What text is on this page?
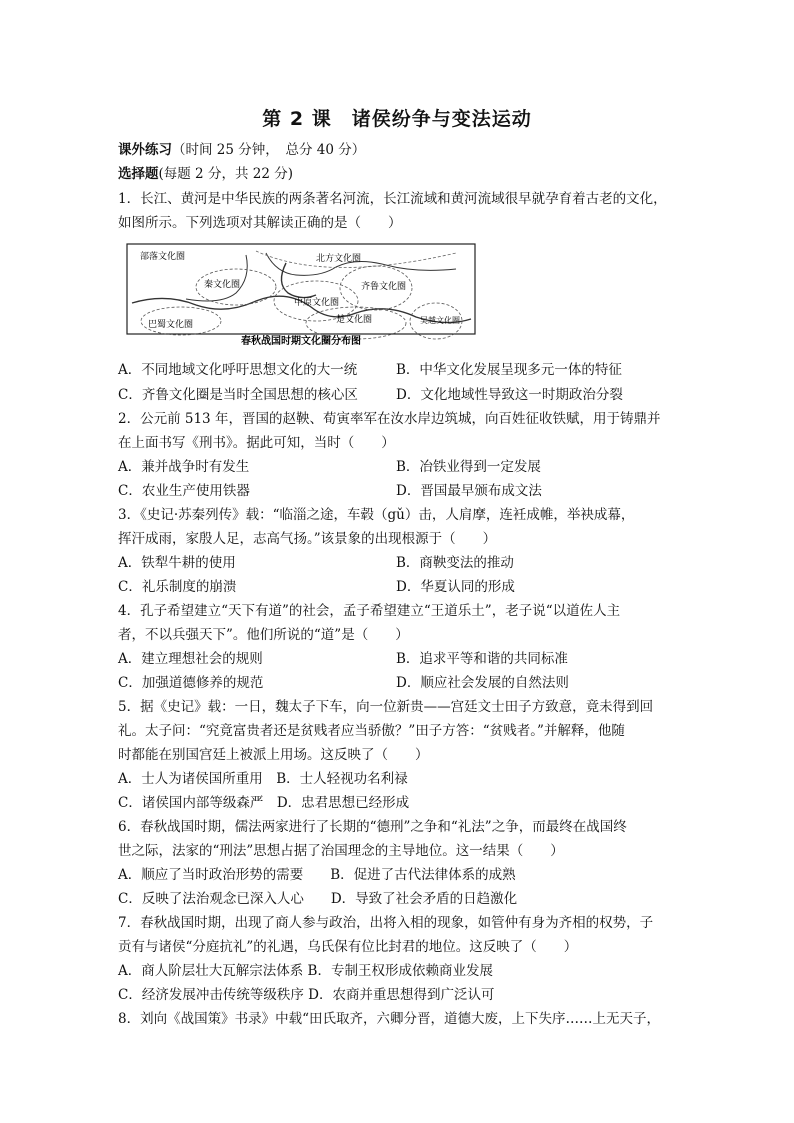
第 2 课　诸侯纷争与变法运动
课外练习（时间 25 分钟，　总分 40 分）
选择题(每题 2 分，共 22 分)
1．长江、黄河是中华民族的两条著名河流，长江流域和黄河流域很早就孕育着古老的文化，
如图所示。下列选项对其解读正确的是（　　）
部落文化圈	北方文化圈
秦文化圈	齐鲁文化圈
中原文化圈
巴蜀文化圈	楚文化圈	吴越文化圈
春秋战国时期文化圈分布图
A．不同地域文化呼吁思想文化的大一统	B．中华文化发展呈现多元一体的特征
C．齐鲁文化圈是当时全国思想的核心区	D．文化地域性导致这一时期政治分裂
2．公元前 513 年，晋国的赵鞅、荀寅率军在汝水岸边筑城，向百姓征收铁赋，用于铸鼎并
在上面书写《刑书》。据此可知，当时（　　）
A．兼并战争时有发生	B．冶铁业得到一定发展
C．农业生产使用铁器	D．晋国最早颁布成文法
3．《史记·苏秦列传》载：“临淄之途，车毂（gǔ）击，人肩摩，连衽成帷，举袂成幕，
挥汗成雨，家殷人足，志高气扬。”该景象的出现根源于（　　）
A．铁犁牛耕的使用	B．商鞅变法的推动
C．礼乐制度的崩溃	D．华夏认同的形成
4．孔子希望建立“天下有道”的社会，孟子希望建立“王道乐土”，老子说“以道佐人主
者，不以兵强天下”。他们所说的“道”是（　　）
A．建立理想社会的规则	B．追求平等和谐的共同标准
C．加强道德修养的规范	D．顺应社会发展的自然法则
5．据《史记》载：一日，魏太子下车，向一位新贵——宫廷文士田子方致意，竟未得到回
礼。太子问：“究竟富贵者还是贫贱者应当骄傲？”田子方答：“贫贱者。”并解释，他随
时都能在别国宫廷上被派上用场。这反映了（　　）
A．士人为诸侯国所重用　B．士人轻视功名利禄
C．诸侯国内部等级森严　D．忠君思想已经形成
6．春秋战国时期，儒法两家进行了长期的“德刑”之争和“礼法”之争，而最终在战国终
世之际，法家的“刑法”思想占据了治国理念的主导地位。这一结果（　　）
A．顺应了当时政治形势的需要　　B．促进了古代法律体系的成熟
C．反映了法治观念已深入人心　　D．导致了社会矛盾的日趋激化
7．春秋战国时期，出现了商人参与政治，出将入相的现象，如管仲有身为齐相的权势，子
贡有与诸侯“分庭抗礼”的礼遇，乌氏保有位比封君的地位。这反映了（　　）
A．商人阶层壮大瓦解宗法体系 B．专制王权形成依赖商业发展
C．经济发展冲击传统等级秩序 D．农商并重思想得到广泛认可
8．刘向《战国策》书录》中载“田氏取齐，六卿分晋，道德大废，上下失序……上无天子，
